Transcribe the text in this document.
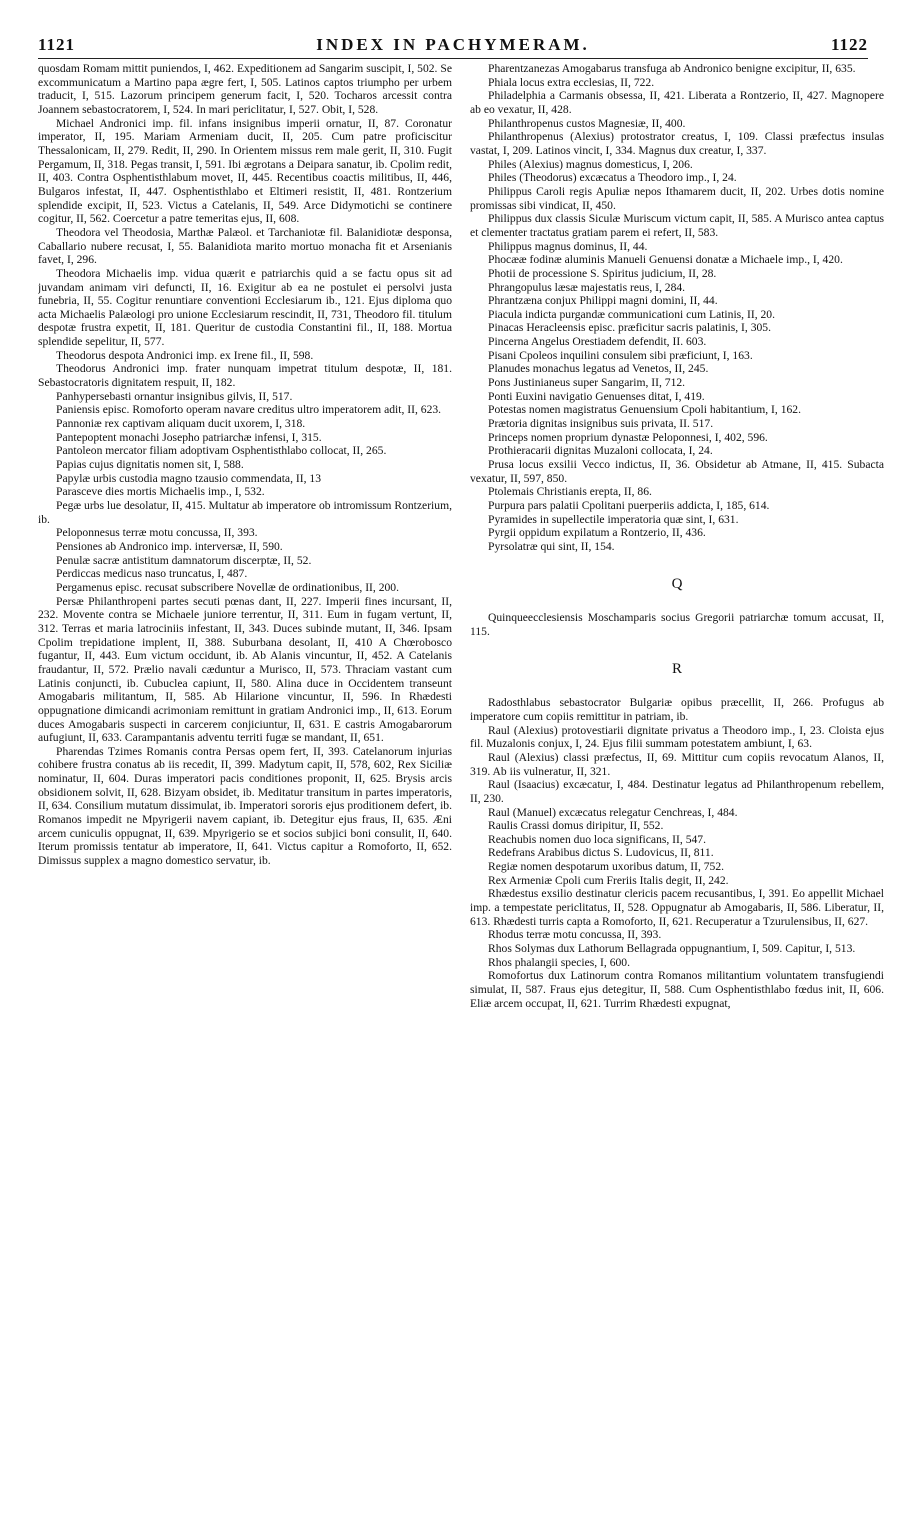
1121	INDEX IN PACHYMERAM.	1122

quosdam Romam mittit puniendos, I, 462. Expeditionem ad Sangarim suscipit, I, 502. Se excommunicatum a Martino papa ægre fert, I, 505. Latinos captos triumpho per urbem traducit, I, 515. Lazorum principem generum facit, I, 520. Tocharos arcessit contra Joannem sebastocratorem, I, 524. In mari periclitatur, I, 527. Obit, I, 528.

Michael Andronici imp. fil. infans insignibus imperii ornatur, II, 87. Coronatur imperator, II, 195. Mariam Armeniam ducit, II, 205. Cum patre proficiscitur Thessalonicam, II, 279. Redit, II, 290. In Orientem missus rem male gerit, II, 310. Fugit Pergamum, II, 318. Pegas transit, I, 591. Ibi ægrotans a Deipara sanatur, ib. Cpolim redit, II, 403. Contra Osphentisthlabum movet, II, 445. Recentibus coactis militibus, II, 446, Bulgaros infestat, II, 447. Osphentisthlabo et Eltimeri resistit, II, 481. Rontzerium splendide excipit, II, 523. Victus a Catelanis, II, 549. Arce Didymotichi se continere cogitur, II, 562. Coercetur a patre temeritas ejus, II, 608.

Theodora vel Theodosia, Marthæ Palæol. et Tarchaniotæ fil. Balanidiotæ desponsa, Caballario nubere recusat, I, 55. Balanidiota marito mortuo monacha fit et Arsenianis favet, I, 296.

Theodora Michaelis imp. vidua quærit e patriarchis quid a se factu opus sit ad juvandam animam viri defuncti, II, 16. Exigitur ab ea ne postulet ei persolvi justa funebria, II, 55. Cogitur renuntiare conventioni Ecclesiarum ib., 121. Ejus diploma quo acta Michaelis Palæologi pro unione Ecclesiarum rescindit, II, 731, Theodoro fil. titulum despotæ frustra expetit, II, 181. Queritur de custodia Constantini fil., II, 188. Mortua splendide sepelitur, II, 577.

Theodorus despota Andronici imp. ex Irene fil., II, 598.

Theodorus Andronici imp. frater nunquam impetrat titulum despotæ, II, 181. Sebastocratoris dignitatem respuit, II, 182.

Panhypersebasti ornantur insignibus gilvis, II, 517.

Paniensis episc. Romoforto operam navare creditus ultro imperatorem adit, II, 623.

Pannoniæ rex captivam aliquam ducit uxorem, I, 318.

Pantepoptent monachi Josepho patriarchæ infensi, I, 315.

Pantoleon mercator filiam adoptivam Osphentisthlabo collocat, II, 265.

Papias cujus dignitatis nomen sit, I, 588.

Papylæ urbis custodia magno tzausio commendata, II, 13

Parasceve dies mortis Michaelis imp., I, 532.

Pegæ urbs lue desolatur, II, 415. Multatur ab imperatore ob intromissum Rontzerium, ib.

Peloponnesus terræ motu concussa, II, 393.

Pensiones ab Andronico imp. interversæ, II, 590.

Penulæ sacræ antistitum damnatorum discerptæ, II, 52.

Perdiccas medicus naso truncatus, I, 487.

Pergamenus episc. recusat subscribere Novellæ de ordinationibus, II, 200.

Persæ Philanthropeni partes secuti pœnas dant, II, 227. Imperii fines incursant, II, 232. Movente contra se Michaele juniore terrentur, II, 311. Eum in fugam vertunt, II, 312. Terras et maria latrociniis infestant, II, 343. Duces subinde mutant, II, 346. Ipsam Cpolim trepidatione implent, II, 388. Suburbana desolant, II, 410 A Chœrobosco fugantur, II, 443. Eum victum occidunt, ib. Ab Alanis vincuntur, II, 452. A Catelanis fraudantur, II, 572. Prælio navali cæduntur a Murisco, II, 573. Thraciam vastant cum Latinis conjuncti, ib. Cubuclea capiunt, II, 580. Alina duce in Occidentem transeunt Amogabaris militantum, II, 585. Ab Hilarione vincuntur, II, 596. In Rhædesti oppugnatione dimicandi acrimoniam remittunt in gratiam Andronici imp., II, 613. Eorum duces Amogabaris suspecti in carcerem conjiciuntur, II, 631. E castris Amogabarorum aufugiunt, II, 633. Carampantanis adventu territi fugæ se mandant, II, 651.

Pharendas Tzimes Romanis contra Persas opem fert, II, 393. Catelanorum injurias cohibere frustra conatus ab iis recedit, II, 399. Madytum capit, II, 578, 602, Rex Siciliæ nominatur, II, 604. Duras imperatori pacis conditiones proponit, II, 625. Brysis arcis obsidionem solvit, II, 628. Bizyam obsidet, ib. Meditatur transitum in partes imperatoris, II, 634. Consilium mutatum dissimulat, ib. Imperatori sororis ejus proditionem defert, ib. Romanos impedit ne Mpyrigerii navem capiant, ib. Detegitur ejus fraus, II, 635. Æni arcem cuniculis oppugnat, II, 639. Mpyrigerio se et socios subjici boni consulit, II, 640. Iterum promissis tentatur ab imperatore, II, 641. Victus capitur a Romoforto, II, 652. Dimissus supplex a magno domestico servatur, ib.

Pharentzanezas Amogabarus transfuga ab Andronico benigne excipitur, II, 635.

Phiala locus extra ecclesias, II, 722.

Philadelphia a Carmanis obsessa, II, 421. Liberata a Rontzerio, II, 427. Magnopere ab eo vexatur, II, 428.

Philanthropenus custos Magnesiæ, II, 400.

Philanthropenus (Alexius) protostrator creatus, I, 109. Classi præfectus insulas vastat, I, 209. Latinos vincit, I, 334. Magnus dux creatur, I, 337.

Philes (Alexius) magnus domesticus, I, 206.

Philes (Theodorus) excæcatus a Theodoro imp., I, 24.

Philippus Caroli regis Apuliæ nepos Ithamarem ducit, II, 202. Urbes dotis nomine promissas sibi vindicat, II, 450.

Philippus dux classis Siculæ Muriscum victum capit, II, 585. A Murisco antea captus et clementer tractatus gratiam parem ei refert, II, 583.

Philippus magnus dominus, II, 44.

Phocææ fodinæ aluminis Manueli Genuensi donatæ a Michaele imp., I, 420.

Photii de processione S. Spiritus judicium, II, 28.

Phrangopulus læsæ majestatis reus, I, 284.

Phrantzæna conjux Philippi magni domini, II, 44.

Piacula indicta purgandæ communicationi cum Latinis, II, 20.

Pinacas Heracleensis episc. præficitur sacris palatinis, I, 305.

Pincerna Angelus Orestiadem defendit, II. 603.

Pisani Cpoleos inquilini consulem sibi præficiunt, I, 163.

Planudes monachus legatus ad Venetos, II, 245.

Pons Justinianeus super Sangarim, II, 712.

Ponti Euxini navigatio Genuenses ditat, I, 419.

Potestas nomen magistratus Genuensium Cpoli habitantium, I, 162.

Prætoria dignitas insignibus suis privata, II. 517.

Princeps nomen proprium dynastæ Peloponnesi, I, 402, 596.

Prothieracarii dignitas Muzaloni collocata, I, 24.

Prusa locus exsilii Vecco indictus, II, 36. Obsidetur ab Atmane, II, 415. Subacta vexatur, II, 597, 850.

Ptolemais Christianis erepta, II, 86.

Purpura pars palatii Cpolitani puerperiis addicta, I, 185, 614.

Pyramides in supellectile imperatoria quæ sint, I, 631.

Pyrgii oppidum expilatum a Rontzerio, II, 436.

Pyrsolatræ qui sint, II, 154.

Q

Quinqueecclesiensis Moschamparis socius Gregorii patriarchæ tomum accusat, II, 115.

R

Radosthlabus sebastocrator Bulgariæ opibus præcellit, II, 266. Profugus ab imperatore cum copiis remittitur in patriam, ib.

Raul (Alexius) protovestiarii dignitate privatus a Theodoro imp., I, 23. Cloista ejus fil. Muzalonis conjux, I, 24. Ejus filii summam potestatem ambiunt, I, 63.

Raul (Alexius) classi præfectus, II, 69. Mittitur cum copiis revocatum Alanos, II, 319. Ab iis vulneratur, II, 321.

Raul (Isaacius) excæcatur, I, 484. Destinatur legatus ad Philanthropenum rebellem, II, 230.

Raul (Manuel) excæcatus relegatur Cenchreas, I, 484.

Raulis Crassi domus diripitur, II, 552.

Reachubis nomen duo loca significans, II, 547.

Redefrans Arabibus dictus S. Ludovicus, II, 811.

Regiæ nomen despotarum uxoribus datum, II, 752.

Rex Armeniæ Cpoli cum Freriis Italis degit, II, 242.

Rhædestus exsilio destinatur clericis pacem recusantibus, I, 391. Eo appellit Michael imp. a tempestate periclitatus, II, 528. Oppugnatur ab Amogabaris, II, 586. Liberatur, II, 613. Rhædesti turris capta a Romoforto, II, 621. Recuperatur a Tzurulensibus, II, 627.

Rhodus terræ motu concussa, II, 393.

Rhos Solymas dux Lathorum Bellagrada oppugnantium, I, 509. Capitur, I, 513.

Rhos phalangii species, I, 600.

Romofortus dux Latinorum contra Romanos militantium voluntatem transfugiendi simulat, II, 587. Fraus ejus detegitur, II, 588. Cum Osphentisthlabo fœdus init, II, 606. Eliæ arcem occupat, II, 621. Turrim Rhædesti expugnat,
